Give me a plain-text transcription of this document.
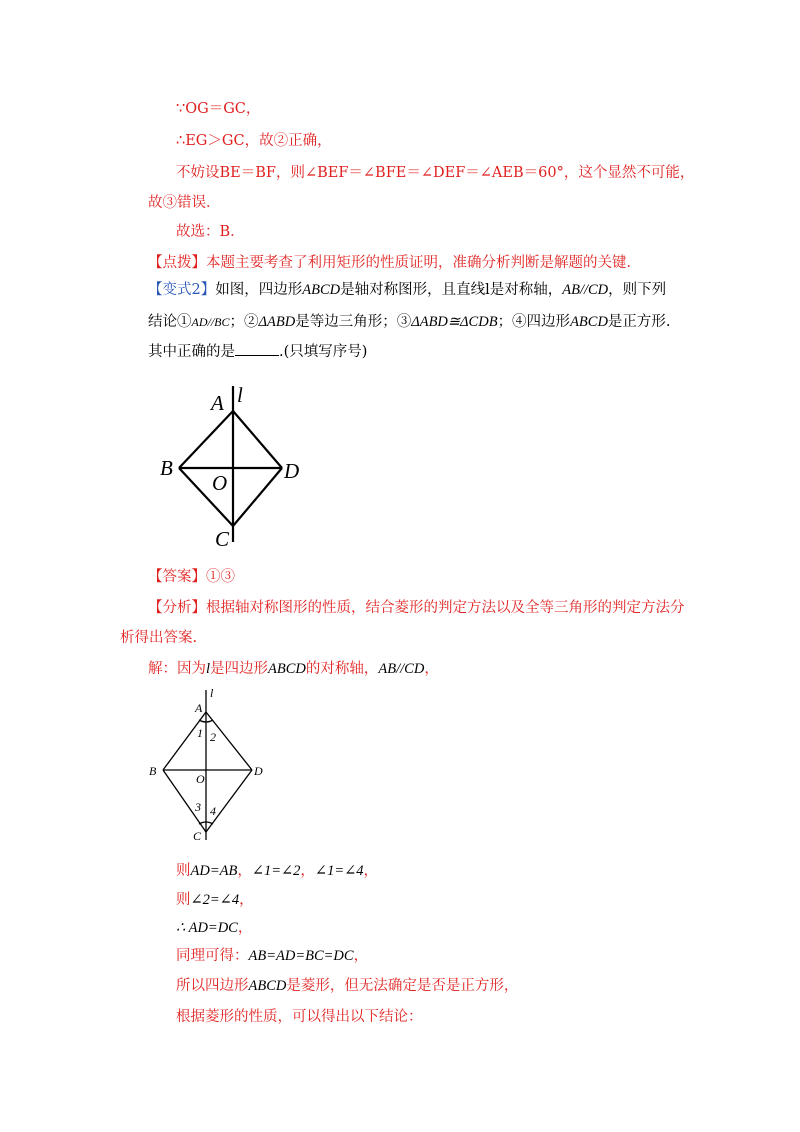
∵OG＝GC，
∴EG＞GC，故②正确，
不妨设BE＝BF，则∠BEF＝∠BFE＝∠DEF＝∠AEB＝60°，这个显然不可能，
故③错误．
故选：B．
【点拨】本题主要考查了利用矩形的性质证明，准确分析判断是解题的关键．
【变式2】如图，四边形ABCD是轴对称图形，且直线l是对称轴，AB//CD，则下列
结论①AD//BC；②ΔABD是等边三角形；③ΔABD≅ΔCDB；④四边形ABCD是正方形.
其中正确的是	.(只填写序号)
A l
B
O	D
C
【答案】①③
【分析】根据轴对称图形的性质，结合菱形的判定方法以及全等三角形的判定方法分
析得出答案.
解：因为l是四边形ABCD的对称轴，AB//CD，
A
l
B
O
D
C
1 2
3 4
则AD=AB，∠1=∠2，∠1=∠4，
则∠2=∠4，
∴ AD=DC，
同理可得：AB=AD=BC=DC，
所以四边形ABCD是菱形，但无法确定是否是正方形，
根据菱形的性质，可以得出以下结论：
